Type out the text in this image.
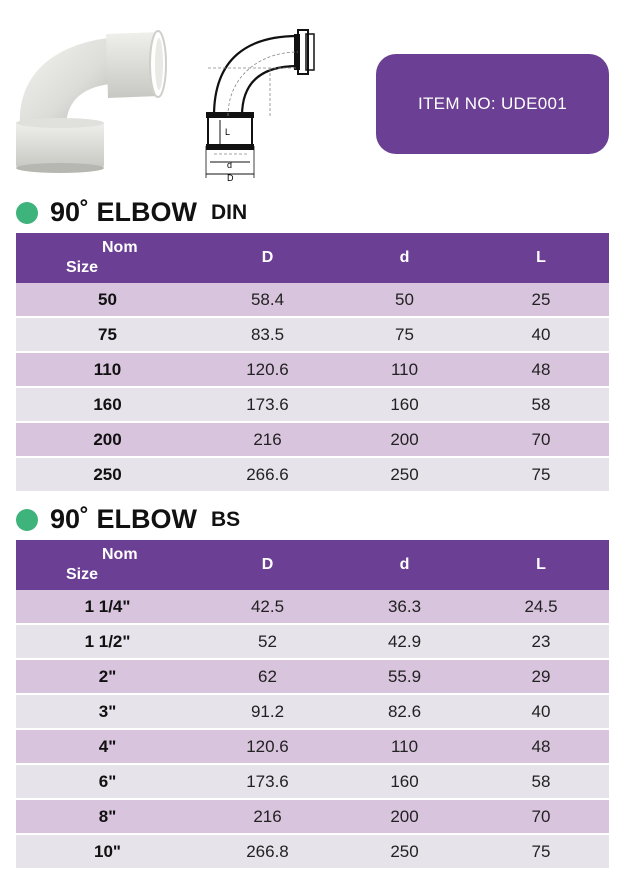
L
d
D
ITEM NO: UDE001
90˚ ELBOW DIN
Nom
Size	D	d	L
50	58.4	50	25
75	83.5	75	40
110	120.6	110	48
160	173.6	160	58
200	216	200	70
250	266.6	250	75
90˚ ELBOW BS
Nom
Size	D	d	L
1 1/4"	42.5	36.3	24.5
1 1/2"	52	42.9	23
2"	62	55.9	29
3"	91.2	82.6	40
4"	120.6	110	48
6"	173.6	160	58
8"	216	200	70
10"	266.8	250	75
